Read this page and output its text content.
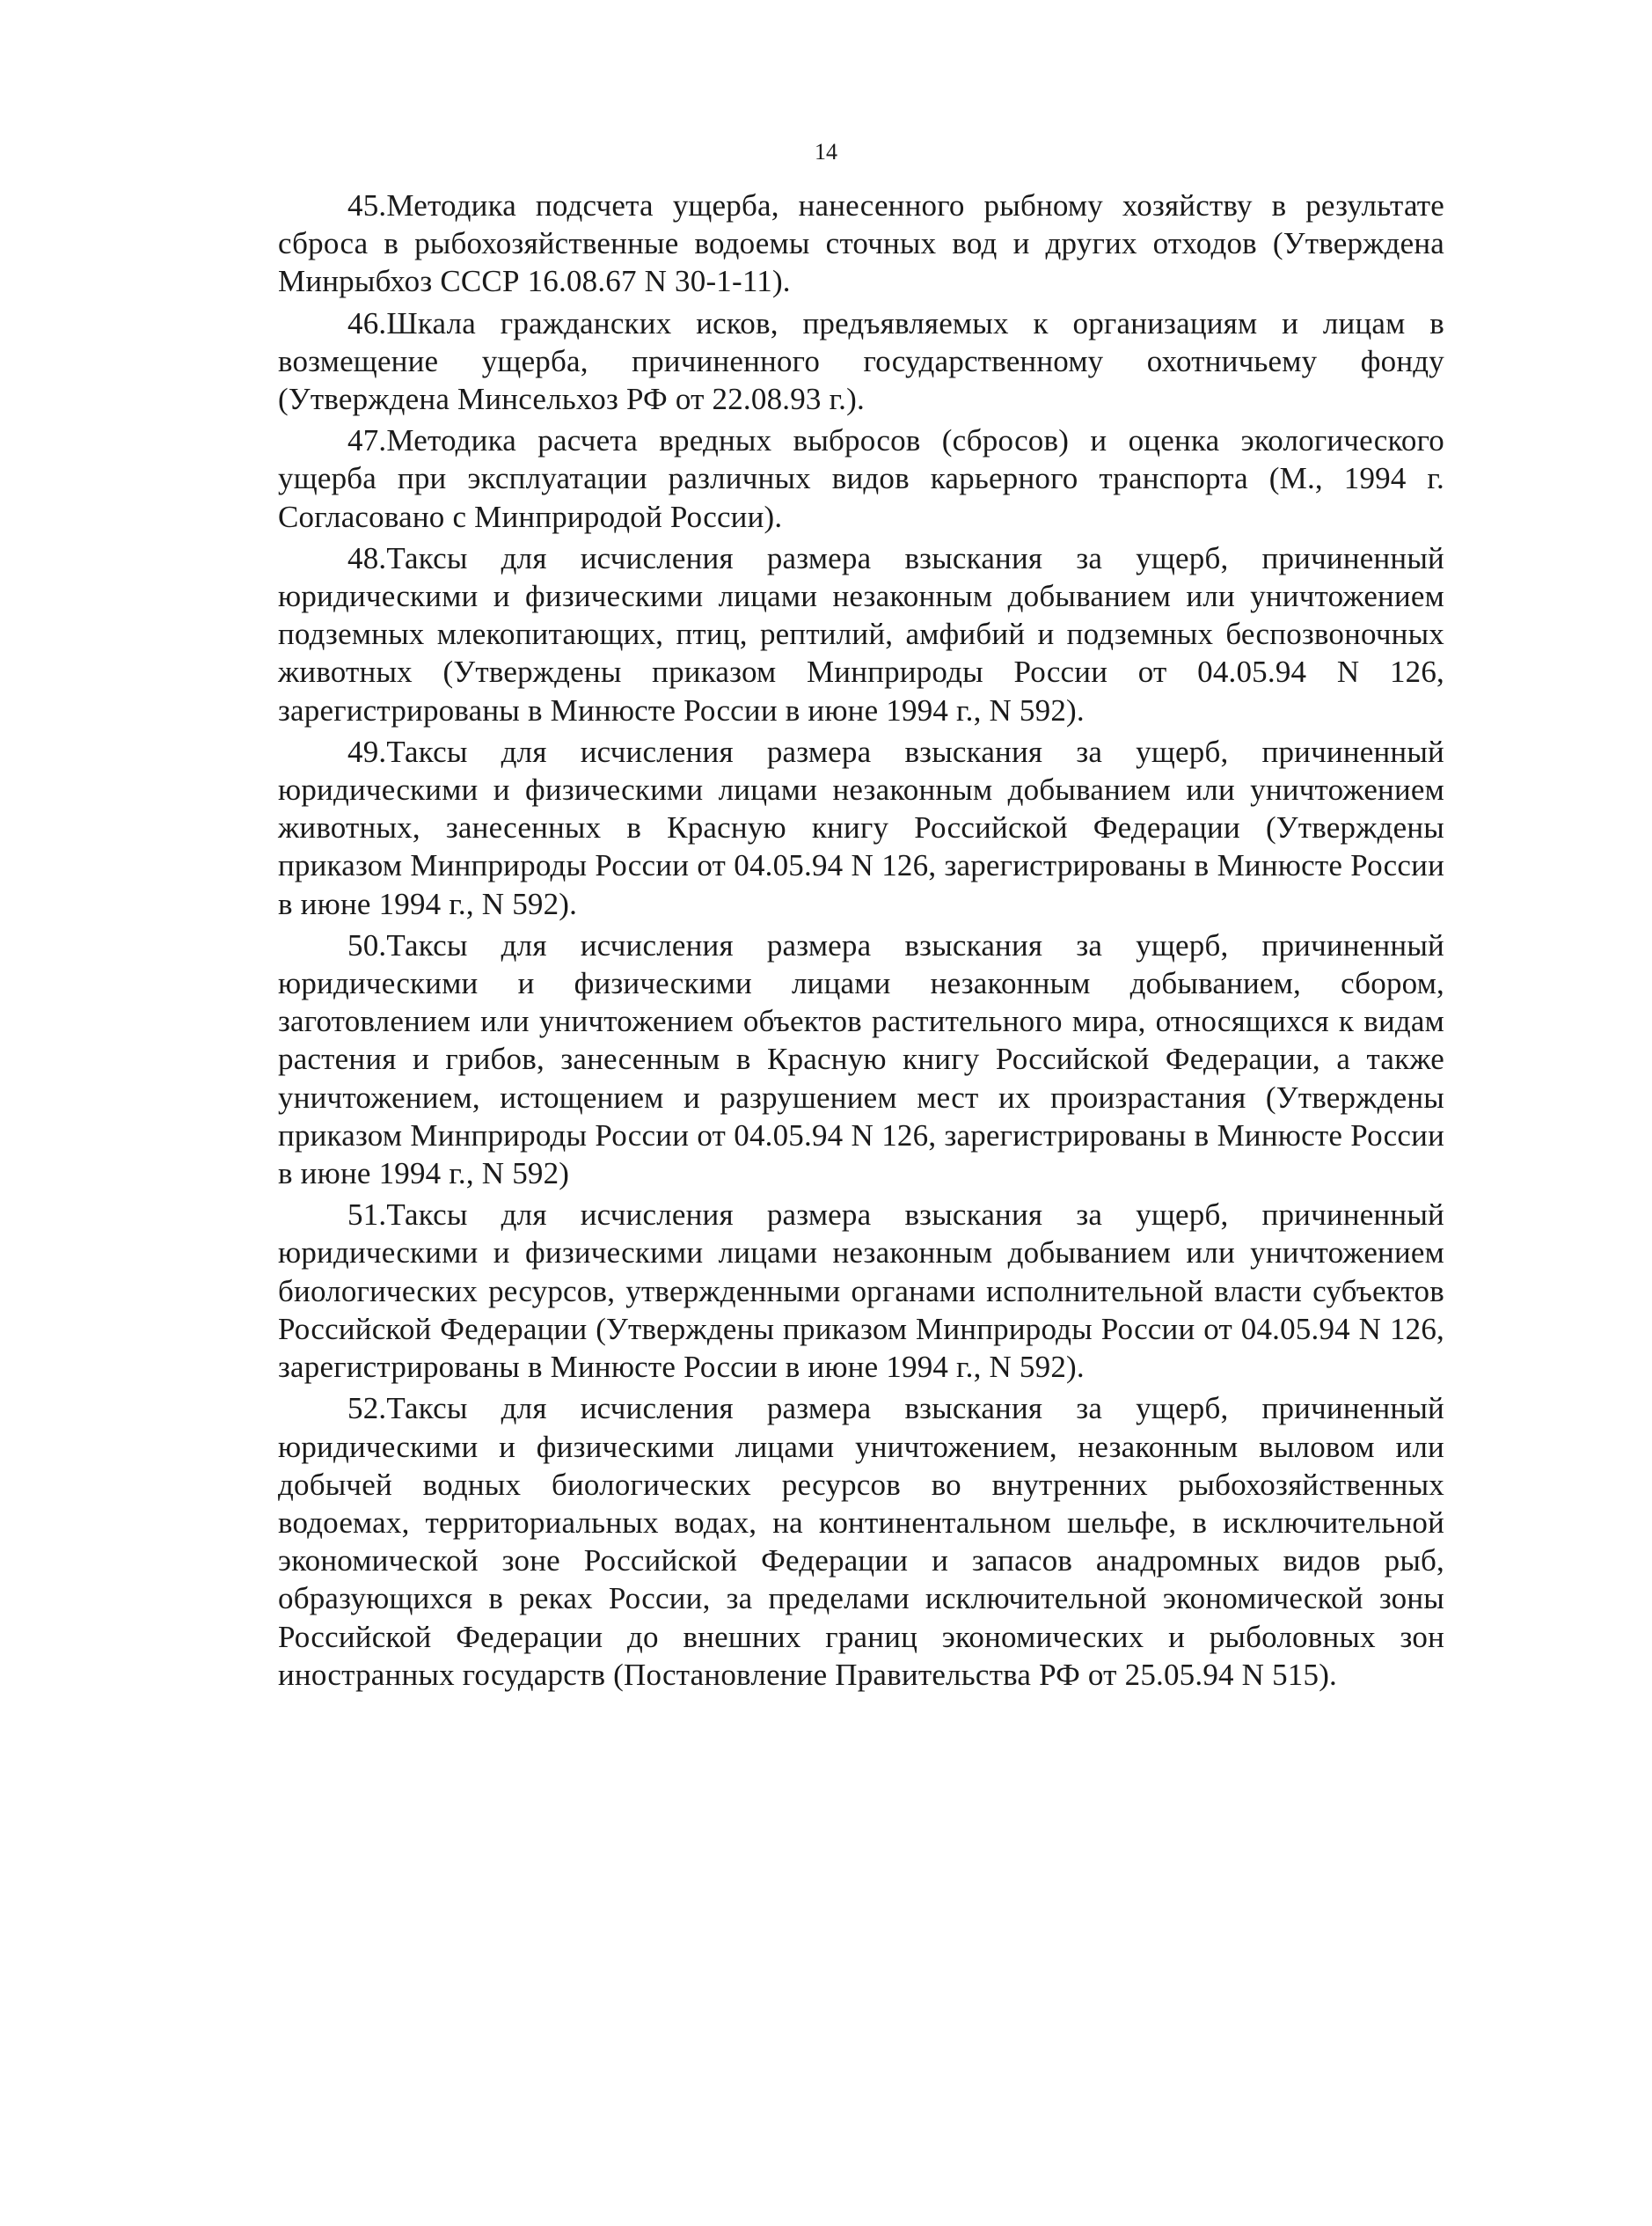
14

45.Методика подсчета ущерба, нанесенного рыбному хозяйству в результате сброса в рыбохозяйственные водоемы сточных вод и других отходов (Утверждена Минрыбхоз СССР 16.08.67 N 30-1-11).

46.Шкала гражданских исков, предъявляемых к организациям и лицам в возмещение ущерба, причиненного государственному охотничьему фонду (Утверждена Минсельхоз РФ от 22.08.93 г.).

47.Методика расчета вредных выбросов (сбросов) и оценка экологического ущерба при эксплуатации различных видов карьерного транспорта (М., 1994 г. Согласовано с Минприродой России).

48.Таксы для исчисления размера взыскания за ущерб, причиненный юридическими и физическими лицами незаконным добыванием или уничтожением подземных млекопитающих, птиц, рептилий, амфибий и подземных беспозвоночных животных (Утверждены приказом Минприроды России от 04.05.94 N 126, зарегистрированы в Минюсте России в июне 1994 г., N 592).

49.Таксы для исчисления размера взыскания за ущерб, причиненный юридическими и физическими лицами незаконным добыванием или уничтожением животных, занесенных в Красную книгу Российской Федерации (Утверждены приказом Минприроды России от 04.05.94 N 126, зарегистрированы в Минюсте России в июне 1994 г., N 592).

50.Таксы для исчисления размера взыскания за ущерб, причиненный юридическими и физическими лицами незаконным добыванием, сбором, заготовлением или уничтожением объектов растительного мира, относящихся к видам растения и грибов, занесенным в Красную книгу Российской Федерации, а также уничтожением, истощением и разрушением мест их произрастания (Утверждены приказом Минприроды России от 04.05.94 N 126, зарегистрированы в Минюсте России в июне 1994 г., N 592)

51.Таксы для исчисления размера взыскания за ущерб, причиненный юридическими и физическими лицами незаконным добыванием или уничтожением биологических ресурсов, утвержденными органами исполнительной власти субъектов Российской Федерации (Утверждены приказом Минприроды России от 04.05.94 N 126, зарегистрированы в Минюсте России в июне 1994 г., N 592).

52.Таксы для исчисления размера взыскания за ущерб, причиненный юридическими и физическими лицами уничтожением, незаконным выловом или добычей водных биологических ресурсов во внутренних рыбохозяйственных водоемах, территориальных водах, на континентальном шельфе, в исключительной экономической зоне Российской Федерации и запасов анадромных видов рыб, образующихся в реках России, за пределами исключительной экономической зоны Российской Федерации до внешних границ экономических и рыболовных зон иностранных государств (Постановление Правительства РФ от 25.05.94 N 515).
